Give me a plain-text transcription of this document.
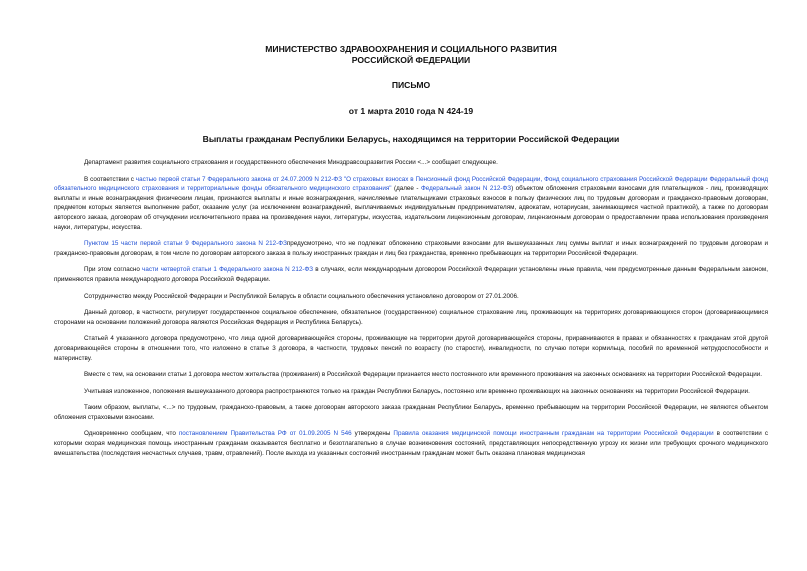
МИНИСТЕРСТВО ЗДРАВООХРАНЕНИЯ И СОЦИАЛЬНОГО РАЗВИТИЯ
РОССИЙСКОЙ ФЕДЕРАЦИИ
ПИСЬМО
от 1 марта 2010 года N 424-19
Выплаты гражданам Республики Беларусь, находящимся на территории Российской Федерации

Департамент развития социального страхования и государственного обеспечения Минздравсоцразвития России <...> сообщает следующее.

В соответствии с частью первой статьи 7 Федерального закона от 24.07.2009 N 212-ФЗ "О страховых взносах в Пенсионный фонд Российской Федерации, Фонд социального страхования Российской Федерации Федеральный фонд обязательного медицинского страхования и территориальные фонды обязательного медицинского страхования" (далее - Федеральный закон N 212-ФЗ) объектом обложения страховыми взносами для плательщиков - лиц, производящих выплаты и иные вознаграждения физическим лицам, признаются выплаты и иные вознаграждения, начисляемые плательщиками страховых взносов в пользу физических лиц по трудовым договорам и гражданско-правовым договорам, предметом которых является выполнение работ, оказание услуг (за исключением вознаграждений, выплачиваемых индивидуальным предпринимателям, адвокатам, нотариусам, занимающимся частной практикой), а также по договорам авторского заказа, договорам об отчуждении исключительного права на произведения науки, литературы, искусства, издательским лицензионным договорам, лицензионным договорам о предоставлении права использования произведения науки, литературы, искусства.

Пунктом 15 части первой статьи 9 Федерального закона N 212-ФЗпредусмотрено, что не подлежат обложению страховыми взносами для вышеуказанных лиц суммы выплат и иных вознаграждений по трудовым договорам и гражданско-правовым договорам, в том числе по договорам авторского заказа в пользу иностранных граждан и лиц без гражданства, временно пребывающих на территории Российской Федерации.

При этом согласно части четвертой статьи 1 Федерального закона N 212-ФЗ в случаях, если международным договором Российской Федерации установлены иные правила, чем предусмотренные данным Федеральным законом, применяются правила международного договора Российской Федерации.

Сотрудничество между Российской Федерации и Республикой Беларусь в области социального обеспечения установлено договором от 27.01.2006.

Данный договор, в частности, регулирует государственное социальное обеспечение, обязательное (государственное) социальное страхование лиц, проживающих на территориях договаривающихся сторон (договаривающимися сторонами на основании положений договора являются Российская Федерация и Республика Беларусь).

Статьей 4 указанного договора предусмотрено, что лица одной договаривающейся стороны, проживающие на территории другой договаривающейся стороны, приравниваются в правах и обязанностях к гражданам этой другой договаривающейся стороны в отношении того, что изложено в статье 3 договора, в частности, трудовых пенсий по возрасту (по старости), инвалидности, по случаю потери кормильца, пособий по временной нетрудоспособности и материнству.

Вместе с тем, на основании статьи 1 договора местом жительства (проживания) в Российской Федерации признается место постоянного или временного проживания на законных основаниях на территории Российской Федерации.

Учитывая изложенное, положения вышеуказанного договора распространяются только на граждан Республики Беларусь, постоянно или временно проживающих на законных основаниях на территории Российской Федерации.

Таким образом, выплаты, <...> по трудовым, гражданско-правовым, а также договорам авторского заказа гражданам Республики Беларусь, временно пребывающим на территории Российской Федерации, не являются объектом обложения страховыми взносами.

Одновременно сообщаем, что постановлением Правительства РФ от 01.09.2005 N 546 утверждены Правила оказания медицинской помощи иностранным гражданам на территории Российской Федерации в соответствии с которыми скорая медицинская помощь иностранным гражданам оказывается бесплатно и безотлагательно в случае возникновения состояний, представляющих непосредственную угрозу их жизни или требующих срочного медицинского вмешательства (последствия несчастных случаев, травм, отравлений). После выхода из указанных состояний иностранным гражданам может быть оказана плановая медицинская
